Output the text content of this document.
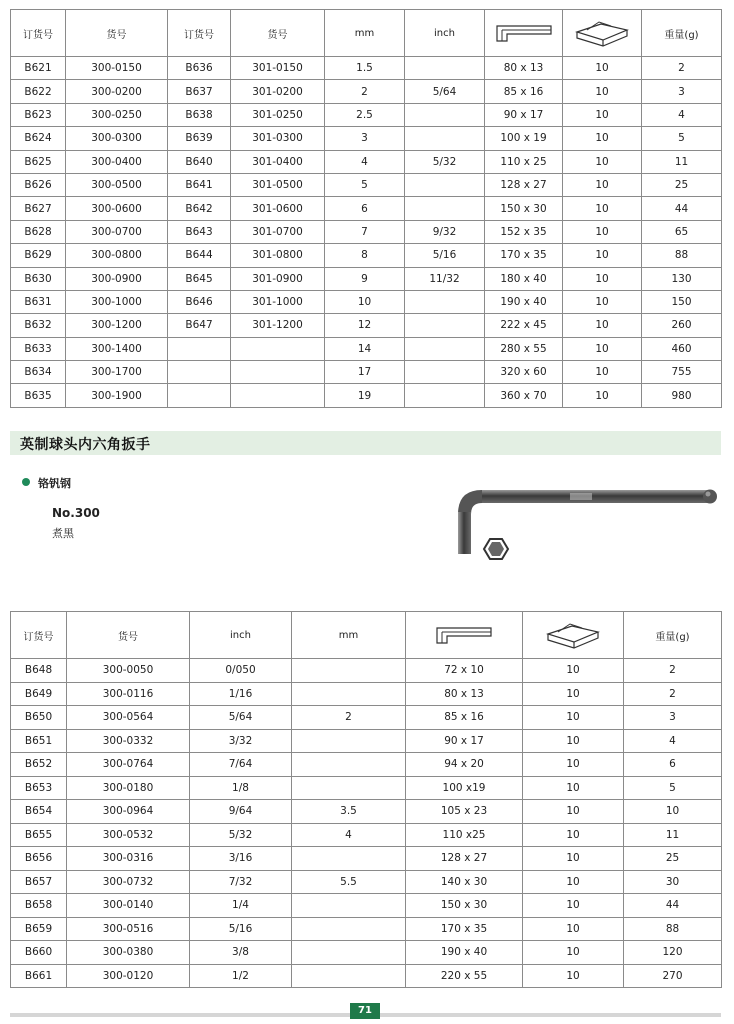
订货号	货号	订货号	货号	mm	inch			重量(g)
B621	300-0150	B636	301-0150	1.5		80 x 13	10	2
B622	300-0200	B637	301-0200	2	5/64	85 x 16	10	3
B623	300-0250	B638	301-0250	2.5		90 x 17	10	4
B624	300-0300	B639	301-0300	3		100 x 19	10	5
B625	300-0400	B640	301-0400	4	5/32	110 x 25	10	11
B626	300-0500	B641	301-0500	5		128 x 27	10	25
B627	300-0600	B642	301-0600	6		150 x 30	10	44
B628	300-0700	B643	301-0700	7	9/32	152 x 35	10	65
B629	300-0800	B644	301-0800	8	5/16	170 x 35	10	88
B630	300-0900	B645	301-0900	9	11/32	180 x 40	10	130
B631	300-1000	B646	301-1000	10		190 x 40	10	150
B632	300-1200	B647	301-1200	12		222 x 45	10	260
B633	300-1400			14		280 x 55	10	460
B634	300-1700			17		320 x 60	10	755
B635	300-1900			19		360 x 70	10	980
英制球头内六角扳手
铬钒钢
No.300
煮黑
订货号	货号	inch	mm			重量(g)
B648	300-0050	0/050		72 x 10	10	2
B649	300-0116	1/16		80 x 13	10	2
B650	300-0564	5/64	2	85 x 16	10	3
B651	300-0332	3/32		90 x 17	10	4
B652	300-0764	7/64		94 x 20	10	6
B653	300-0180	1/8		100 x19	10	5
B654	300-0964	9/64	3.5	105 x 23	10	10
B655	300-0532	5/32	4	110 x25	10	11
B656	300-0316	3/16		128 x 27	10	25
B657	300-0732	7/32	5.5	140 x 30	10	30
B658	300-0140	1/4		150 x 30	10	44
B659	300-0516	5/16		170 x 35	10	88
B660	300-0380	3/8		190 x 40	10	120
B661	300-0120	1/2		220 x 55	10	270
71
